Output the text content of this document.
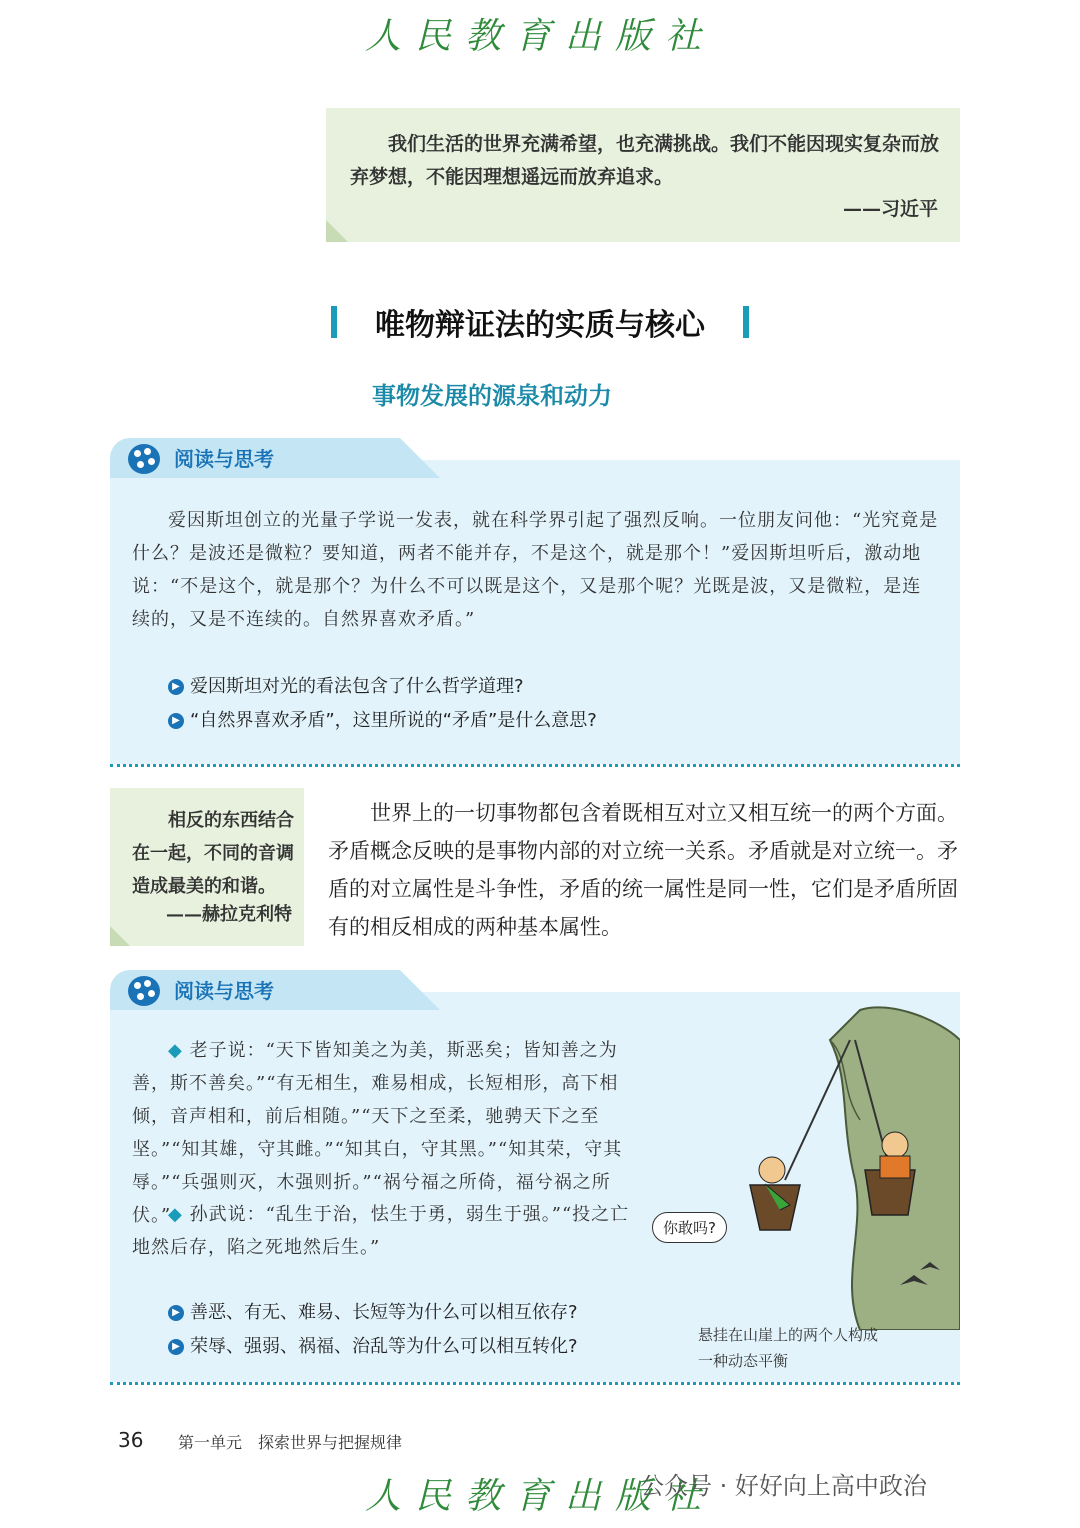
人民教育出版社
我们生活的世界充满希望，也充满挑战。我们不能因现实复杂而放弃梦想，不能因理想遥远而放弃追求。
——习近平
唯物辩证法的实质与核心
事物发展的源泉和动力
阅读与思考
爱因斯坦创立的光量子学说一发表，就在科学界引起了强烈反响。一位朋友问他：“光究竟是什么？是波还是微粒？要知道，两者不能并存，不是这个，就是那个！”爱因斯坦听后，激动地说：“不是这个，就是那个？为什么不可以既是这个，又是那个呢？光既是波，又是微粒，是连续的，又是不连续的。自然界喜欢矛盾。”
▶ 爱因斯坦对光的看法包含了什么哲学道理?
▶ “自然界喜欢矛盾”，这里所说的“矛盾”是什么意思?
相反的东西结合在一起，不同的音调造成最美的和谐。
——赫拉克利特
世界上的一切事物都包含着既相互对立又相互统一的两个方面。矛盾概念反映的是事物内部的对立统一关系。矛盾就是对立统一。矛盾的对立属性是斗争性，矛盾的统一属性是同一性，它们是矛盾所固有的相反相成的两种基本属性。
阅读与思考
◆ 老子说：“天下皆知美之为美，斯恶矣；皆知善之为善，斯不善矣。”“有无相生，难易相成，长短相形，高下相倾，音声相和，前后相随。”“天下之至柔，驰骋天下之至坚。”“知其雄，守其雌。”“知其白，守其黑。”“知其荣，守其辱。”“兵强则灭，木强则折。”“祸兮福之所倚，福兮祸之所伏。”
◆ 孙武说：“乱生于治，怯生于勇，弱生于强。”“投之亡地然后存，陷之死地然后生。”
▶ 善恶、有无、难易、长短等为什么可以相互依存?
▶ 荣辱、强弱、祸福、治乱等为什么可以相互转化?
你敢吗?
悬挂在山崖上的两个人构成一种动态平衡
36 第一单元　探索世界与把握规律
人民教育出版社
公众号 · 好好向上高中政治
